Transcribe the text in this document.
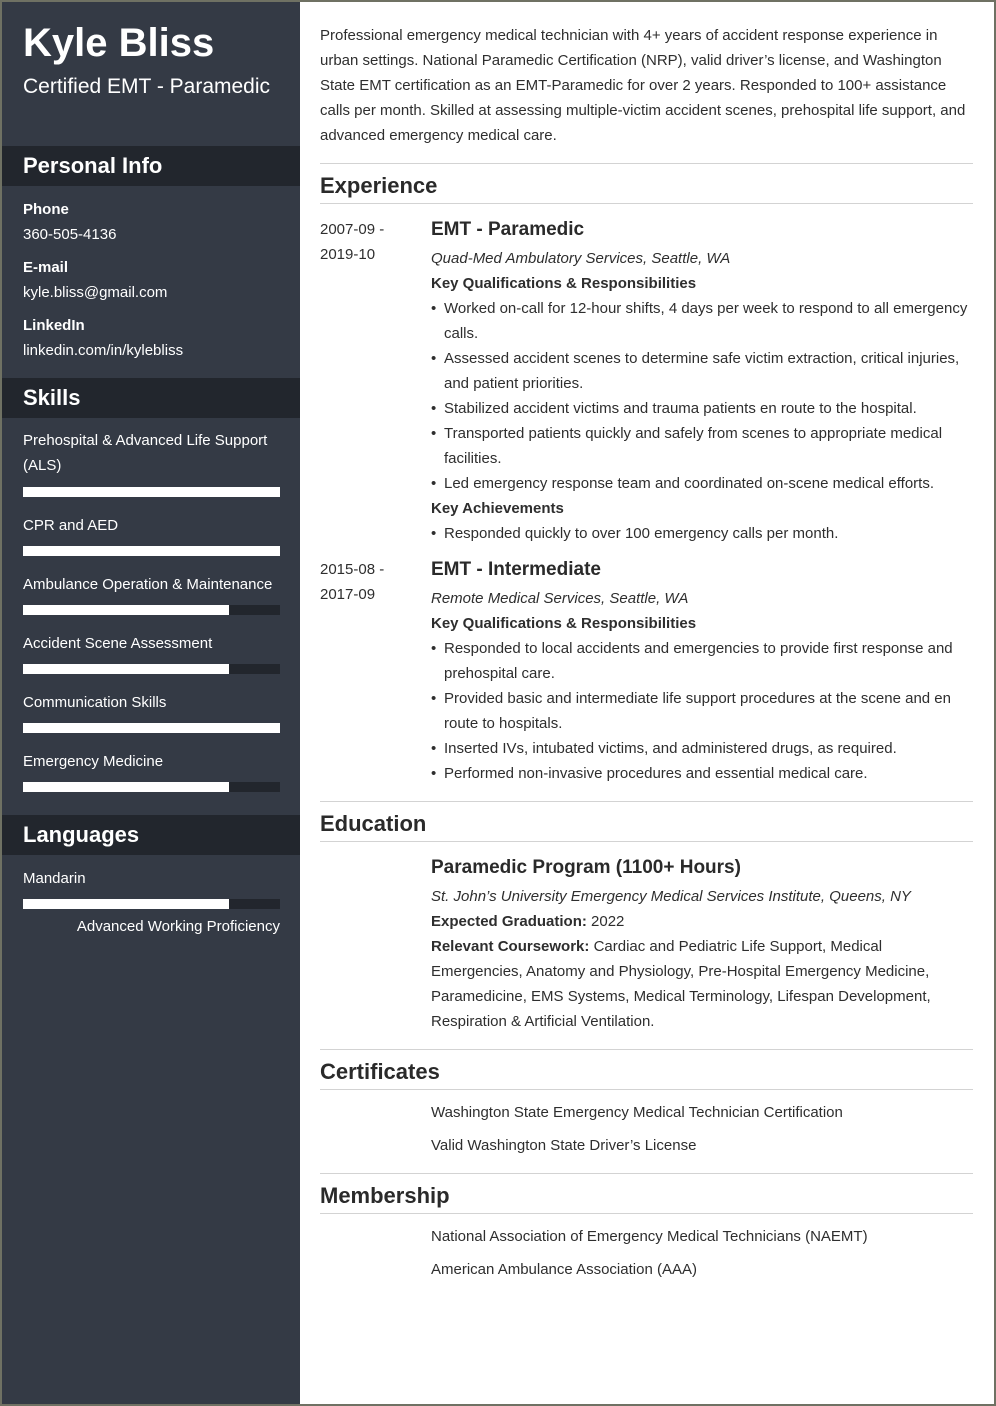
Kyle Bliss
Certified EMT - Paramedic
Personal Info
Phone
360-505-4136
E-mail
kyle.bliss@gmail.com
LinkedIn
linkedin.com/in/kylebliss
Skills
Prehospital & Advanced Life Support (ALS)
CPR and AED
Ambulance Operation & Maintenance
Accident Scene Assessment
Communication Skills
Emergency Medicine
Languages
Mandarin
Advanced Working Proficiency
Professional emergency medical technician with 4+ years of accident response experience in urban settings. National Paramedic Certification (NRP), valid driver’s license, and Washington State EMT certification as an EMT-Paramedic for over 2 years. Responded to 100+ assistance calls per month. Skilled at assessing multiple-victim accident scenes, prehospital life support, and advanced emergency medical care.
Experience
2007-09 -
2019-10
EMT - Paramedic
Quad-Med Ambulatory Services, Seattle, WA
Key Qualifications & Responsibilities
• Worked on-call for 12-hour shifts, 4 days per week to respond to all emergency calls.
• Assessed accident scenes to determine safe victim extraction, critical injuries, and patient priorities.
• Stabilized accident victims and trauma patients en route to the hospital.
• Transported patients quickly and safely from scenes to appropriate medical facilities.
• Led emergency response team and coordinated on-scene medical efforts.
Key Achievements
• Responded quickly to over 100 emergency calls per month.
2015-08 -
2017-09
EMT - Intermediate
Remote Medical Services, Seattle, WA
Key Qualifications & Responsibilities
• Responded to local accidents and emergencies to provide first response and prehospital care.
• Provided basic and intermediate life support procedures at the scene and en route to hospitals.
• Inserted IVs, intubated victims, and administered drugs, as required.
• Performed non-invasive procedures and essential medical care.
Education
Paramedic Program (1100+ Hours)
St. John’s University Emergency Medical Services Institute, Queens, NY
Expected Graduation: 2022
Relevant Coursework: Cardiac and Pediatric Life Support, Medical Emergencies, Anatomy and Physiology, Pre-Hospital Emergency Medicine, Paramedicine, EMS Systems, Medical Terminology, Lifespan Development, Respiration & Artificial Ventilation.
Certificates
Washington State Emergency Medical Technician Certification
Valid Washington State Driver’s License
Membership
National Association of Emergency Medical Technicians (NAEMT)
American Ambulance Association (AAA)
